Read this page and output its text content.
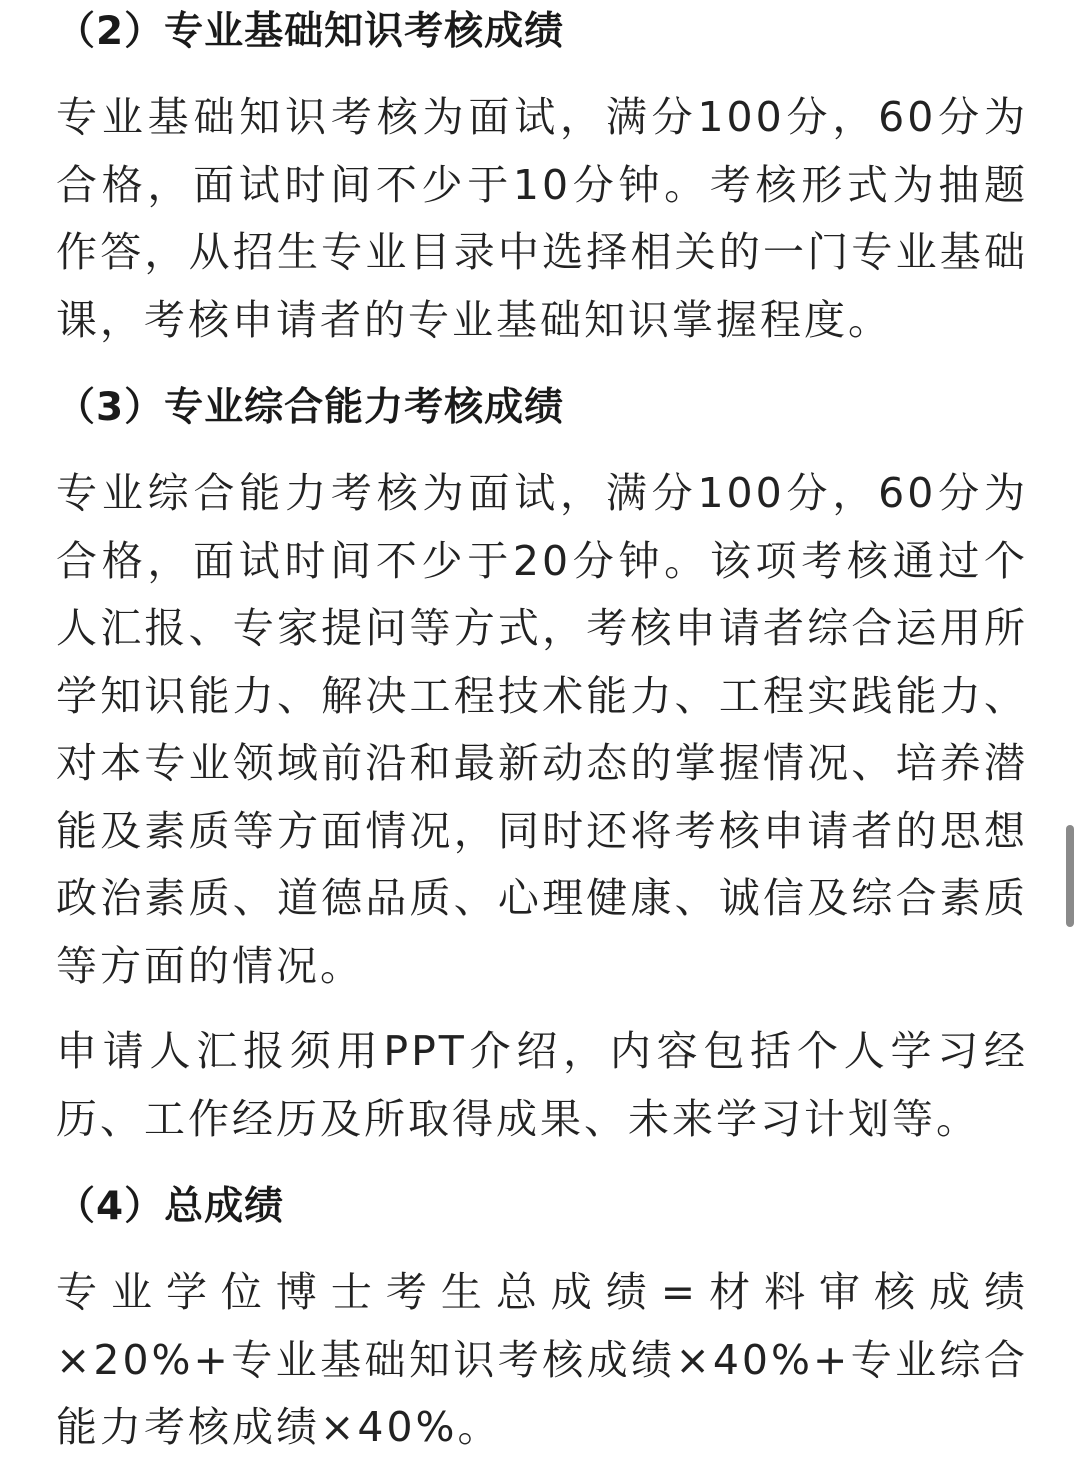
（2）专业基础知识考核成绩

专业基础知识考核为面试，满分100分，60分为合格，面试时间不少于10分钟。考核形式为抽题作答，从招生专业目录中选择相关的一门专业基础课，考核申请者的专业基础知识掌握程度。

（3）专业综合能力考核成绩

专业综合能力考核为面试，满分100分，60分为合格，面试时间不少于20分钟。该项考核通过个人汇报、专家提问等方式，考核申请者综合运用所学知识能力、解决工程技术能力、工程实践能力、对本专业领域前沿和最新动态的掌握情况、培养潜能及素质等方面情况，同时还将考核申请者的思想政治素质、道德品质、心理健康、诚信及综合素质等方面的情况。

申请人汇报须用PPT介绍，内容包括个人学习经历、工作经历及所取得成果、未来学习计划等。

（4）总成绩

专业学位博士考生总成绩=材料审核成绩×20%+专业基础知识考核成绩×40%+专业综合能力考核成绩×40%。
